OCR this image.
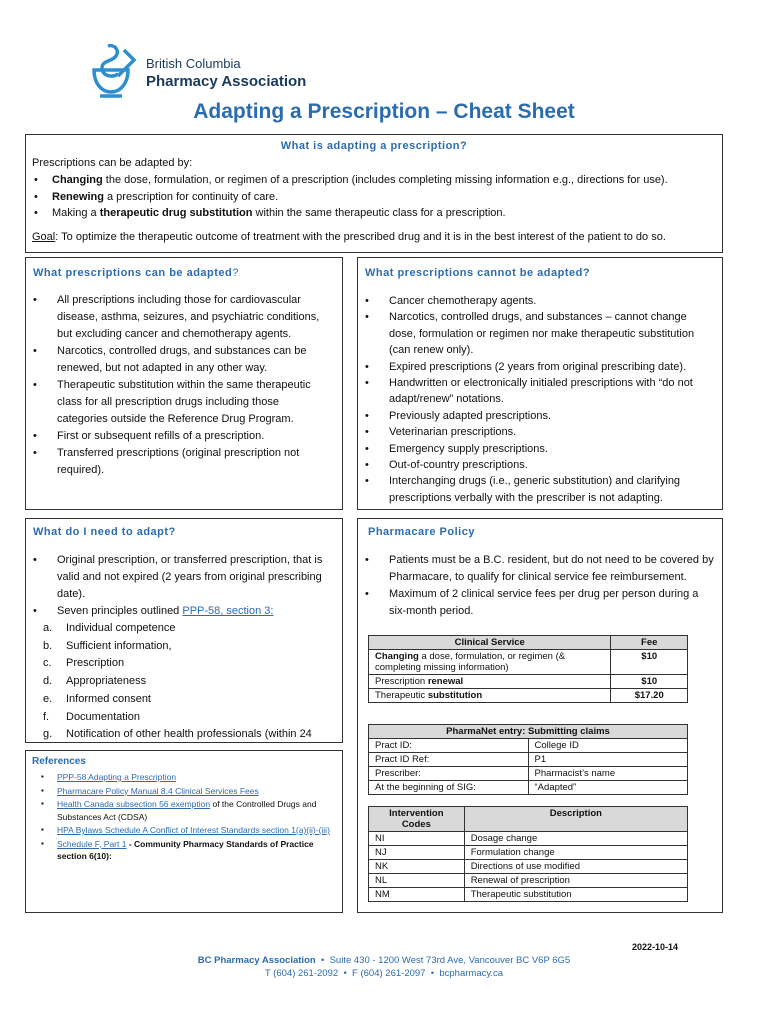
British Columbia
Pharmacy Association
Adapting a Prescription – Cheat Sheet
What is adapting a prescription?
Prescriptions can be adapted by:
• Changing the dose, formulation, or regimen of a prescription (includes completing missing information e.g., directions for use).
• Renewing a prescription for continuity of care.
• Making a therapeutic drug substitution within the same therapeutic class for a prescription.
Goal: To optimize the therapeutic outcome of treatment with the prescribed drug and it is in the best interest of the patient to do so.
What prescriptions can be adapted?
• All prescriptions including those for cardiovascular disease, asthma, seizures, and psychiatric conditions, but excluding cancer and chemotherapy agents.
• Narcotics, controlled drugs, and substances can be renewed, but not adapted in any other way.
• Therapeutic substitution within the same therapeutic class for all prescription drugs including those categories outside the Reference Drug Program.
• First or subsequent refills of a prescription.
• Transferred prescriptions (original prescription not required).
What prescriptions cannot be adapted?
• Cancer chemotherapy agents.
• Narcotics, controlled drugs, and substances – cannot change dose, formulation or regimen nor make therapeutic substitution (can renew only).
• Expired prescriptions (2 years from original prescribing date).
• Handwritten or electronically initialed prescriptions with “do not adapt/renew” notations.
• Previously adapted prescriptions.
• Veterinarian prescriptions.
• Emergency supply prescriptions.
• Out-of-country prescriptions.
• Interchanging drugs (i.e., generic substitution) and clarifying prescriptions verbally with the prescriber is not adapting.
What do I need to adapt?
• Original prescription, or transferred prescription, that is valid and not expired (2 years from original prescribing date).
• Seven principles outlined PPP-58, section 3:
a. Individual competence
b. Sufficient information,
c. Prescription
d. Appropriateness
e. Informed consent
f. Documentation
g. Notification of other health professionals (within 24
References
▪ PPP-58 Adapting a Prescription
▪ Pharmacare Policy Manual 8.4 Clinical Services Fees
▪ Health Canada subsection 56 exemption of the Controlled Drugs and Substances Act (CDSA)
▪ HPA Bylaws Schedule A Conflict of Interest Standards section 1(a)(ii)-(iii)
▪ Schedule F, Part 1 - Community Pharmacy Standards of Practice section 6(10):
Pharmacare Policy
• Patients must be a B.C. resident, but do not need to be covered by Pharmacare, to qualify for clinical service fee reimbursement.
• Maximum of 2 clinical service fees per drug per person during a six-month period.
Clinical Service	Fee
Changing a dose, formulation, or regimen (& completing missing information)	$10
Prescription renewal	$10
Therapeutic substitution	$17.20
PharmaNet entry: Submitting claims	
Pract ID:	College ID
Pract ID Ref:	P1
Prescriber:	Pharmacist’s name
At the beginning of SIG:	“Adapted”
Intervention Codes	Description
NI	Dosage change
NJ	Formulation change
NK	Directions of use modified
NL	Renewal of prescription
NM	Therapeutic substitution
2022-10-14
BC Pharmacy Association • Suite 430 - 1200 West 73rd Ave, Vancouver BC V6P 6G5
T (604) 261-2092 • F (604) 261-2097 • bcpharmacy.ca
